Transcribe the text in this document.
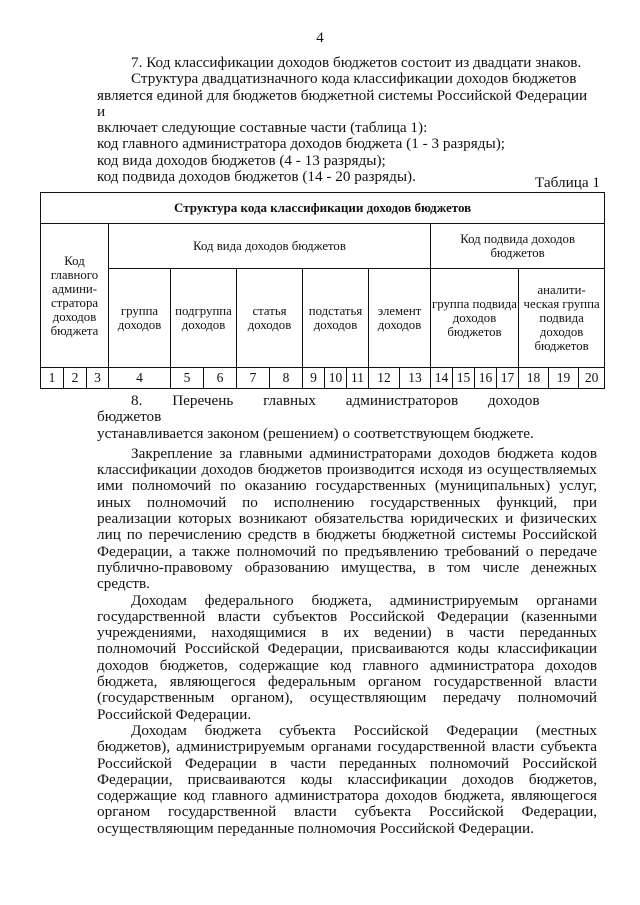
4

7. Код классификации доходов бюджетов состоит из двадцати знаков.

Структура двадцатизначного кода классификации доходов бюджетов

является единой для бюджетов бюджетной системы Российской Федерации и

включает следующие составные части (таблица 1):

код главного администратора доходов бюджета (1 - 3 разряды);

код вида доходов бюджетов (4 - 13 разряды);

код подвида доходов бюджетов (14 - 20 разряды).	Таблица 1
Структура кода классификации доходов бюджетов																			
Код главного админи-стратора доходов бюджета			Код вида доходов бюджетов										Код подвида доходов бюджетов						
			группа доходов	подгруппа доходов		статья доходов		подстатья доходов			элемент доходов		группа подвида доходов бюджетов				аналити-ческая группа подвида доходов бюджетов		
1	2	3	4	5	6	7	8	9	10	11	12	13	14	15	16	17	18	19	20

8. Перечень главных администраторов доходов бюджетов

устанавливается законом (решением) о соответствующем бюджете.

Закрепление за главными администраторами доходов бюджета кодов классификации доходов бюджетов производится исходя из осуществляемых ими полномочий по оказанию государственных (муниципальных) услуг, иных полномочий по исполнению государственных функций, при реализации которых возникают обязательства юридических и физических лиц по перечислению средств в бюджеты бюджетной системы Российской Федерации, а также полномочий по предъявлению требований о передаче публично-правовому образованию имущества, в том числе денежных средств.

Доходам федерального бюджета, администрируемым органами государственной власти субъектов Российской Федерации (казенными учреждениями, находящимися в их ведении) в части переданных полномочий Российской Федерации, присваиваются коды классификации доходов бюджетов, содержащие код главного администратора доходов бюджета, являющегося федеральным органом государственной власти (государственным органом), осуществляющим передачу полномочий Российской Федерации.

Доходам бюджета субъекта Российской Федерации (местных бюджетов), администрируемым органами государственной власти субъекта Российской Федерации в части переданных полномочий Российской Федерации, присваиваются коды классификации доходов бюджетов, содержащие код главного администратора доходов бюджета, являющегося органом государственной власти субъекта Российской Федерации, осуществляющим переданные полномочия Российской Федерации.
